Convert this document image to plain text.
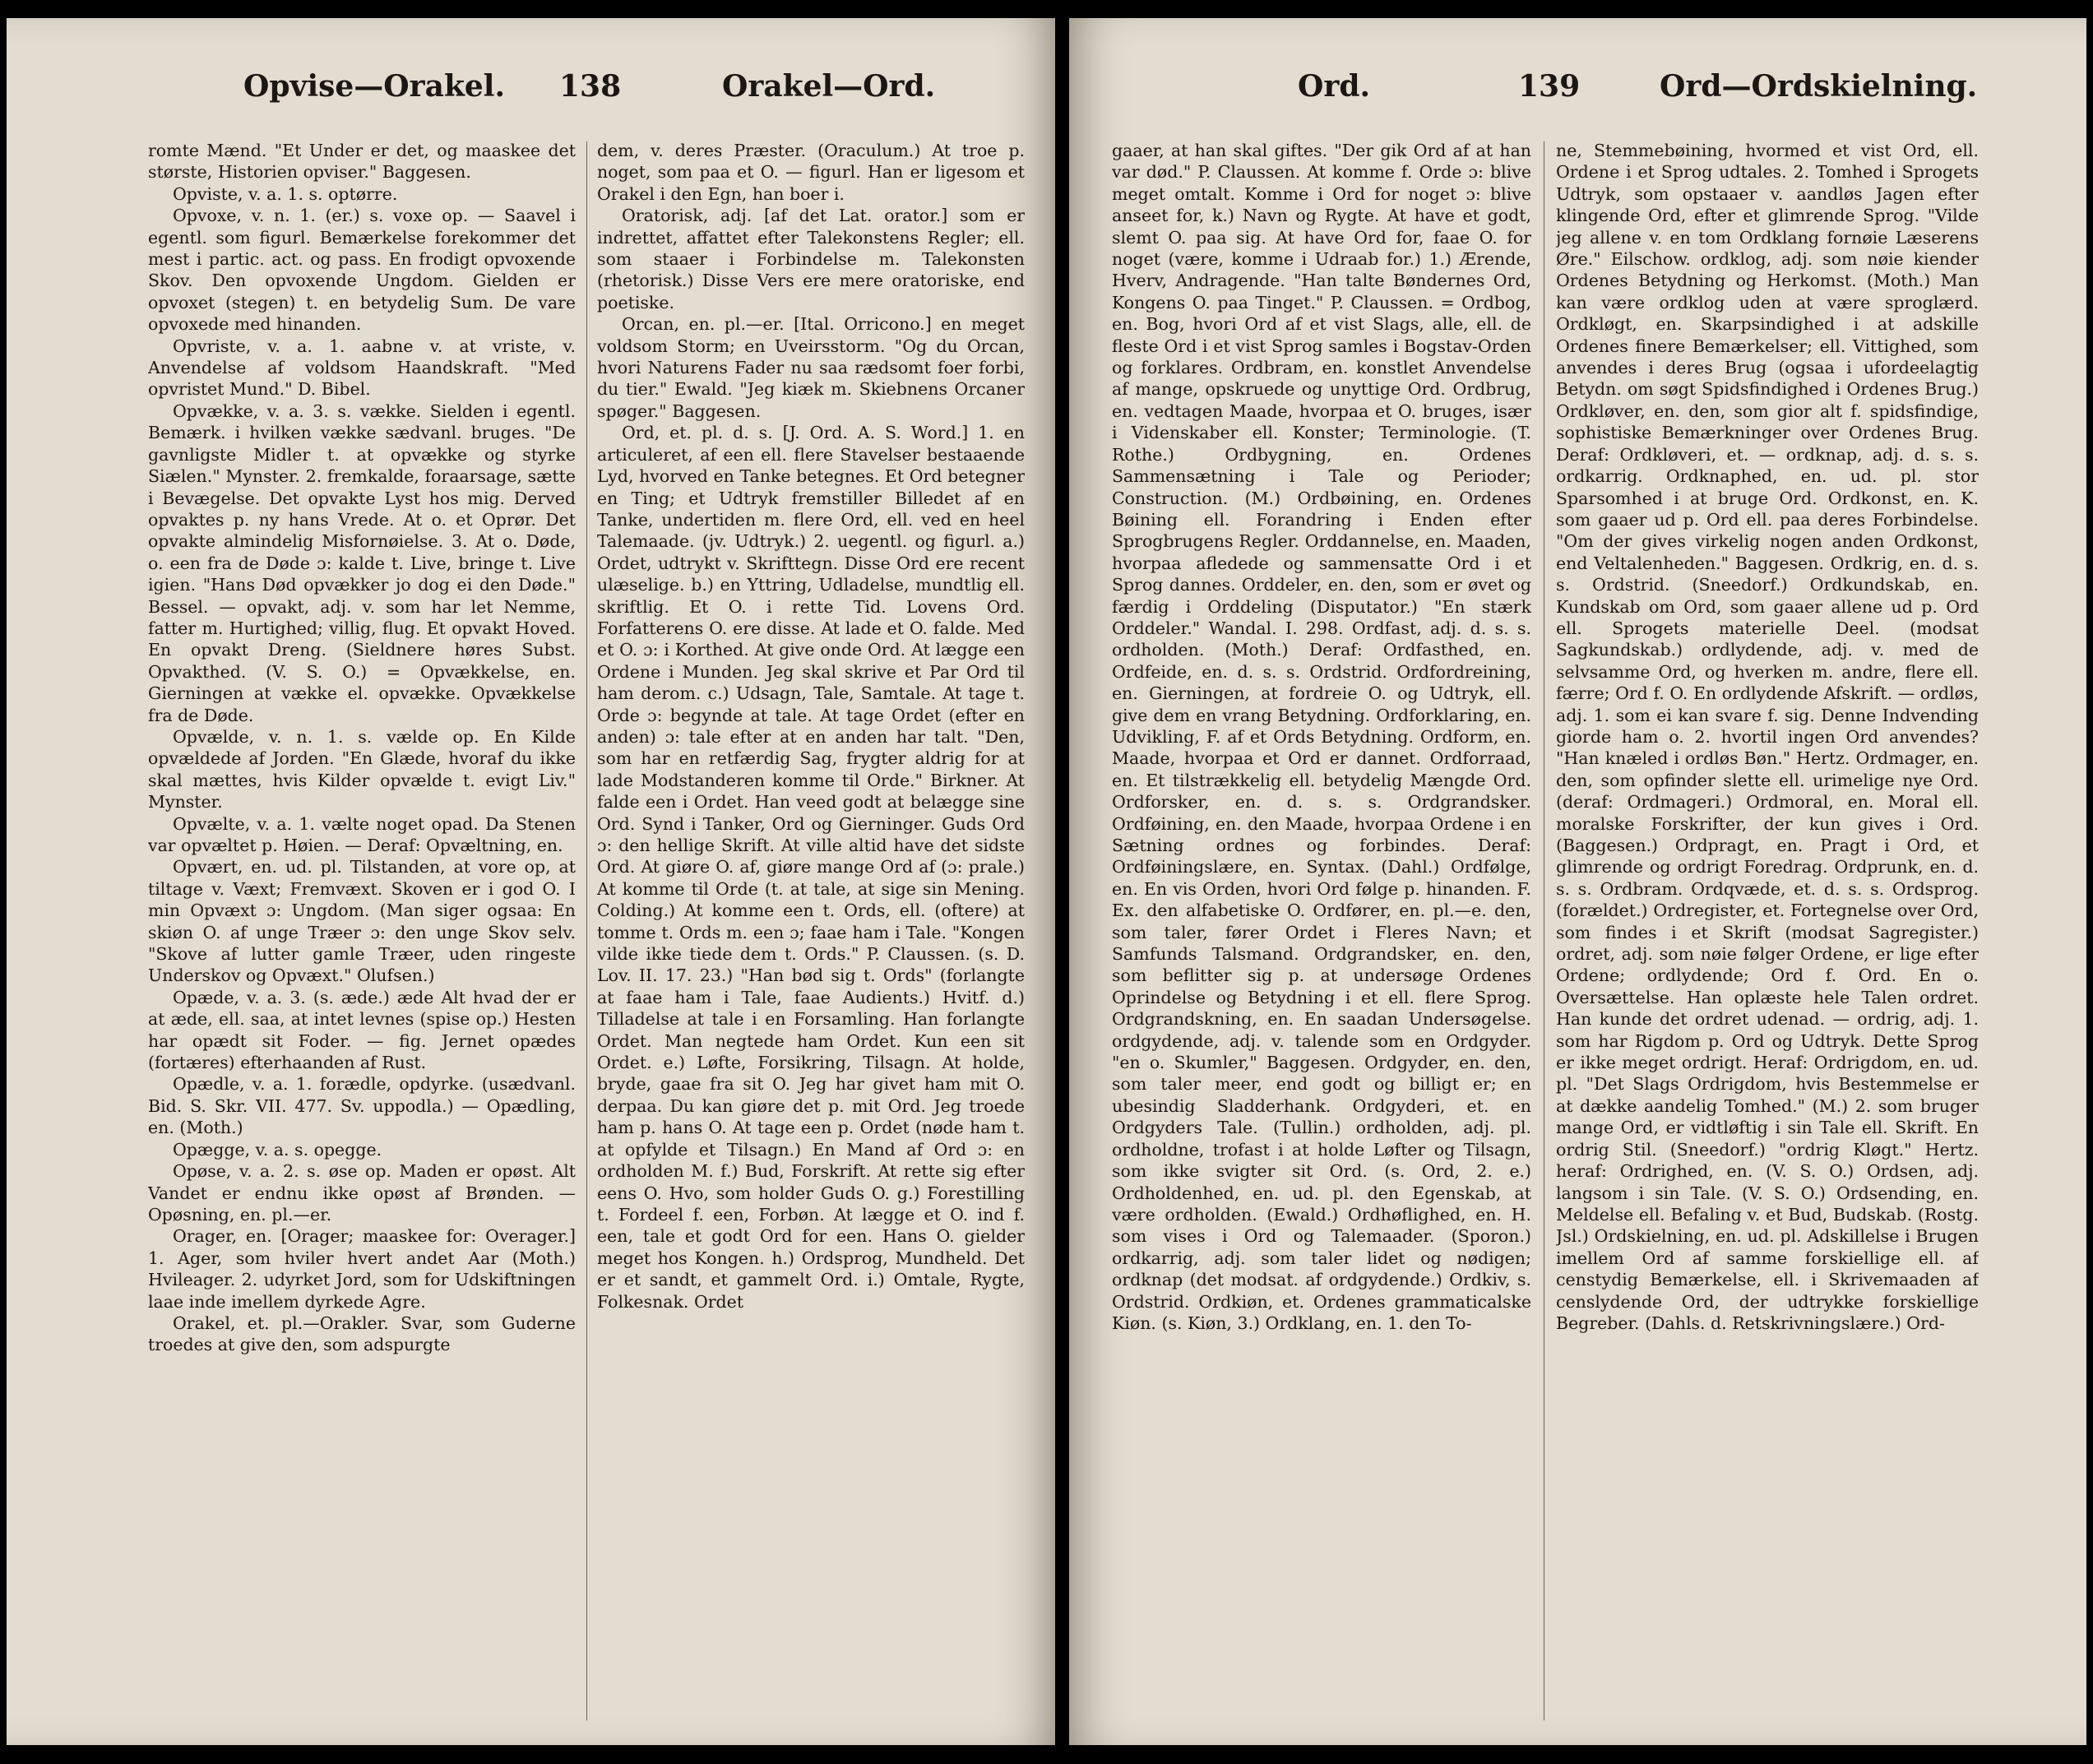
Opvise—Orakel. 138	Orakel—Ord.

romte Mænd. "Et Under er det, og maaskee det største, Historien opviser." Baggesen.

Opviste, v. a. 1. s. optørre.

Opvoxe, v. n. 1. (er.) s. voxe op. — Saavel i egentl. som figurl. Bemærkelse forekommer det mest i partic. act. og pass. En frodigt opvoxende Skov. Den opvoxende Ungdom. Gielden er opvoxet (stegen) t. en betydelig Sum. De vare opvoxede med hinanden.

Opvriste, v. a. 1. aabne v. at vriste, v. Anvendelse af voldsom Haandskraft. "Med opvristet Mund." D. Bibel.

Opvække, v. a. 3. s. vække. Sielden i egentl. Bemærk. i hvilken vække sædvanl. bruges. "De gavnligste Midler t. at opvække og styrke Siælen." Mynster. 2. fremkalde, foraarsage, sætte i Bevægelse. Det opvakte Lyst hos mig. Derved opvaktes p. ny hans Vrede. At o. et Oprør. Det opvakte almindelig Misfornøielse. 3. At o. Døde, o. een fra de Døde ɔ: kalde t. Live, bringe t. Live igien. "Hans Død opvækker jo dog ei den Døde." Bessel. — opvakt, adj. v. som har let Nemme, fatter m. Hurtighed; villig, flug. Et opvakt Hoved. En opvakt Dreng. (Sieldnere høres Subst. Opvakthed. (V. S. O.) = Opvækkelse, en. Gierningen at vække el. opvække. Opvækkelse fra de Døde.

Opvælde, v. n. 1. s. vælde op. En Kilde opvældede af Jorden. "En Glæde, hvoraf du ikke skal mættes, hvis Kilder opvælde t. evigt Liv." Mynster.

Opvælte, v. a. 1. vælte noget opad. Da Stenen var opvæltet p. Høien. — Deraf: Opvæltning, en.

Opvært, en. ud. pl. Tilstanden, at vore op, at tiltage v. Væxt; Fremvæxt. Skoven er i god O. I min Opvæxt ɔ: Ungdom. (Man siger ogsaa: En skiøn O. af unge Træer ɔ: den unge Skov selv. "Skove af lutter gamle Træer, uden ringeste Underskov og Opvæxt." Olufsen.)

Opæde, v. a. 3. (s. æde.) æde Alt hvad der er at æde, ell. saa, at intet levnes (spise op.) Hesten har opædt sit Foder. — fig. Jernet opædes (fortæres) efterhaanden af Rust.

Opædle, v. a. 1. forædle, opdyrke. (usædvanl. Bid. S. Skr. VII. 477. Sv. uppodla.) — Opædling, en. (Moth.)

Opægge, v. a. s. opegge.

Opøse, v. a. 2. s. øse op. Maden er opøst. Alt Vandet er endnu ikke opøst af Brønden. — Opøsning, en. pl.—er.

Orager, en. [Orager; maaskee for: Overager.] 1. Ager, som hviler hvert andet Aar (Moth.) Hvileager. 2. udyrket Jord, som for Udskiftningen laae inde imellem dyrkede Agre.

Orakel, et. pl.—Orakler. Svar, som Guderne troedes at give den, som adspurgte

dem, v. deres Præster. (Oraculum.) At troe p. noget, som paa et O. — figurl. Han er ligesom et Orakel i den Egn, han boer i.

Oratorisk, adj. [af det Lat. orator.] som er indrettet, affattet efter Talekonstens Regler; ell. som staaer i Forbindelse m. Talekonsten (rhetorisk.) Disse Vers ere mere oratoriske, end poetiske.

Orcan, en. pl.—er. [Ital. Orricono.] en meget voldsom Storm; en Uveirsstorm. "Og du Orcan, hvori Naturens Fader nu saa rædsomt foer forbi, du tier." Ewald. "Jeg kiæk m. Skiebnens Orcaner spøger." Baggesen.

Ord, et. pl. d. s. [J. Ord. A. S. Word.] 1. en articuleret, af een ell. flere Stavelser bestaaende Lyd, hvorved en Tanke betegnes. Et Ord betegner en Ting; et Udtryk fremstiller Billedet af en Tanke, undertiden m. flere Ord, ell. ved en heel Talemaade. (jv. Udtryk.) 2. uegentl. og figurl. a.) Ordet, udtrykt v. Skrifttegn. Disse Ord ere recent ulæselige. b.) en Yttring, Udladelse, mundtlig ell. skriftlig. Et O. i rette Tid. Lovens Ord. Forfatterens O. ere disse. At lade et O. falde. Med et O. ɔ: i Korthed. At give onde Ord. At lægge een Ordene i Munden. Jeg skal skrive et Par Ord til ham derom. c.) Udsagn, Tale, Samtale. At tage t. Orde ɔ: begynde at tale. At tage Ordet (efter en anden) ɔ: tale efter at en anden har talt. "Den, som har en retfærdig Sag, frygter aldrig for at lade Modstanderen komme til Orde." Birkner. At falde een i Ordet. Han veed godt at belægge sine Ord. Synd i Tanker, Ord og Gierninger. Guds Ord ɔ: den hellige Skrift. At ville altid have det sidste Ord. At giøre O. af, giøre mange Ord af (ɔ: prale.) At komme til Orde (t. at tale, at sige sin Mening. Colding.) At komme een t. Ords, ell. (oftere) at tomme t. Ords m. een ɔ; faae ham i Tale. "Kongen vilde ikke tiede dem t. Ords." P. Claussen. (s. D. Lov. II. 17. 23.) "Han bød sig t. Ords" (forlangte at faae ham i Tale, faae Audients.) Hvitf. d.) Tilladelse at tale i en Forsamling. Han forlangte Ordet. Man negtede ham Ordet. Kun een sit Ordet. e.) Løfte, Forsikring, Tilsagn. At holde, bryde, gaae fra sit O. Jeg har givet ham mit O. derpaa. Du kan giøre det p. mit Ord. Jeg troede ham p. hans O. At tage een p. Ordet (nøde ham t. at opfylde et Tilsagn.) En Mand af Ord ɔ: en ordholden M. f.) Bud, Forskrift. At rette sig efter eens O. Hvo, som holder Guds O. g.) Forestilling t. Fordeel f. een, Forbøn. At lægge et O. ind f. een, tale et godt Ord for een. Hans O. gielder meget hos Kongen. h.) Ordsprog, Mundheld. Det er et sandt, et gammelt Ord. i.) Omtale, Rygte, Folkesnak. Ordet

Ord.	139	Ord—Ordskielning.

gaaer, at han skal giftes. "Der gik Ord af at han var død." P. Claussen. At komme f. Orde ɔ: blive meget omtalt. Komme i Ord for noget ɔ: blive anseet for, k.) Navn og Rygte. At have et godt, slemt O. paa sig. At have Ord for, faae O. for noget (være, komme i Udraab for.) 1.) Ærende, Hverv, Andragende. "Han talte Bøndernes Ord, Kongens O. paa Tinget." P. Claussen. = Ordbog, en. Bog, hvori Ord af et vist Slags, alle, ell. de fleste Ord i et vist Sprog samles i Bogstav-Orden og forklares. Ordbram, en. konstlet Anvendelse af mange, opskruede og unyttige Ord. Ordbrug, en. vedtagen Maade, hvorpaa et O. bruges, især i Videnskaber ell. Konster; Terminologie. (T. Rothe.) Ordbygning, en. Ordenes Sammensætning i Tale og Perioder; Construction. (M.) Ordbøining, en. Ordenes Bøining ell. Forandring i Enden efter Sprogbrugens Regler. Orddannelse, en. Maaden, hvorpaa afledede og sammensatte Ord i et Sprog dannes. Orddeler, en. den, som er øvet og færdig i Orddeling (Disputator.) "En stærk Orddeler." Wandal. I. 298. Ordfast, adj. d. s. s. ordholden. (Moth.) Deraf: Ordfasthed, en. Ordfeide, en. d. s. s. Ordstrid. Ordfordreining, en. Gierningen, at fordreie O. og Udtryk, ell. give dem en vrang Betydning. Ordforklaring, en. Udvikling, F. af et Ords Betydning. Ordform, en. Maade, hvorpaa et Ord er dannet. Ordforraad, en. Et tilstrækkelig ell. betydelig Mængde Ord. Ordforsker, en. d. s. s. Ordgrandsker. Ordføining, en. den Maade, hvorpaa Ordene i en Sætning ordnes og forbindes. Deraf: Ordføiningslære, en. Syntax. (Dahl.) Ordfølge, en. En vis Orden, hvori Ord følge p. hinanden. F. Ex. den alfabetiske O. Ordfører, en. pl.—e. den, som taler, fører Ordet i Fleres Navn; et Samfunds Talsmand. Ordgrandsker, en. den, som beflitter sig p. at undersøge Ordenes Oprindelse og Betydning i et ell. flere Sprog. Ordgrandskning, en. En saadan Undersøgelse. ordgydende, adj. v. talende som en Ordgyder. "en o. Skumler," Baggesen. Ordgyder, en. den, som taler meer, end godt og billigt er; en ubesindig Sladderhank. Ordgyderi, et. en Ordgyders Tale. (Tullin.) ordholden, adj. pl. ordholdne, trofast i at holde Løfter og Tilsagn, som ikke svigter sit Ord. (s. Ord, 2. e.) Ordholdenhed, en. ud. pl. den Egenskab, at være ordholden. (Ewald.) Ordhøflighed, en. H. som vises i Ord og Talemaader. (Sporon.) ordkarrig, adj. som taler lidet og nødigen; ordknap (det modsat. af ordgydende.) Ordkiv, s. Ordstrid. Ordkiøn, et. Ordenes grammaticalske Kiøn. (s. Kiøn, 3.) Ordklang, en. 1. den To-

ne, Stemmebøining, hvormed et vist Ord, ell. Ordene i et Sprog udtales. 2. Tomhed i Sprogets Udtryk, som opstaaer v. aandløs Jagen efter klingende Ord, efter et glimrende Sprog. "Vilde jeg allene v. en tom Ordklang fornøie Læserens Øre." Eilschow. ordklog, adj. som nøie kiender Ordenes Betydning og Herkomst. (Moth.) Man kan være ordklog uden at være sproglærd. Ordkløgt, en. Skarpsindighed i at adskille Ordenes finere Bemærkelser; ell. Vittighed, som anvendes i deres Brug (ogsaa i ufordeelagtig Betydn. om søgt Spidsfindighed i Ordenes Brug.) Ordkløver, en. den, som gior alt f. spidsfindige, sophistiske Bemærkninger over Ordenes Brug. Deraf: Ordkløveri, et. — ordknap, adj. d. s. s. ordkarrig. Ordknaphed, en. ud. pl. stor Sparsomhed i at bruge Ord. Ordkonst, en. K. som gaaer ud p. Ord ell. paa deres Forbindelse. "Om der gives virkelig nogen anden Ordkonst, end Veltalenheden." Baggesen. Ordkrig, en. d. s. s. Ordstrid. (Sneedorf.) Ordkundskab, en. Kundskab om Ord, som gaaer allene ud p. Ord ell. Sprogets materielle Deel. (modsat Sagkundskab.) ordlydende, adj. v. med de selvsamme Ord, og hverken m. andre, flere ell. færre; Ord f. O. En ordlydende Afskrift. — ordløs, adj. 1. som ei kan svare f. sig. Denne Indvending giorde ham o. 2. hvortil ingen Ord anvendes? "Han knæled i ordløs Bøn." Hertz. Ordmager, en. den, som opfinder slette ell. urimelige nye Ord. (deraf: Ordmageri.) Ordmoral, en. Moral ell. moralske Forskrifter, der kun gives i Ord. (Baggesen.) Ordpragt, en. Pragt i Ord, et glimrende og ordrigt Foredrag. Ordprunk, en. d. s. s. Ordbram. Ordqvæde, et. d. s. s. Ordsprog. (forældet.) Ordregister, et. Fortegnelse over Ord, som findes i et Skrift (modsat Sagregister.) ordret, adj. som nøie følger Ordene, er lige efter Ordene; ordlydende; Ord f. Ord. En o. Oversættelse. Han oplæste hele Talen ordret. Han kunde det ordret udenad. — ordrig, adj. 1. som har Rigdom p. Ord og Udtryk. Dette Sprog er ikke meget ordrigt. Heraf: Ordrigdom, en. ud. pl. "Det Slags Ordrigdom, hvis Bestemmelse er at dække aandelig Tomhed." (M.) 2. som bruger mange Ord, er vidtløftig i sin Tale ell. Skrift. En ordrig Stil. (Sneedorf.) "ordrig Kløgt." Hertz. heraf: Ordrighed, en. (V. S. O.) Ordsen, adj. langsom i sin Tale. (V. S. O.) Ordsending, en. Meldelse ell. Befaling v. et Bud, Budskab. (Rostg. Jsl.) Ordskielning, en. ud. pl. Adskillelse i Brugen imellem Ord af samme forskiellige ell. af censtydig Bemærkelse, ell. i Skrivemaaden af censlydende Ord, der udtrykke forskiellige Begreber. (Dahls. d. Retskrivningslære.) Ord-
